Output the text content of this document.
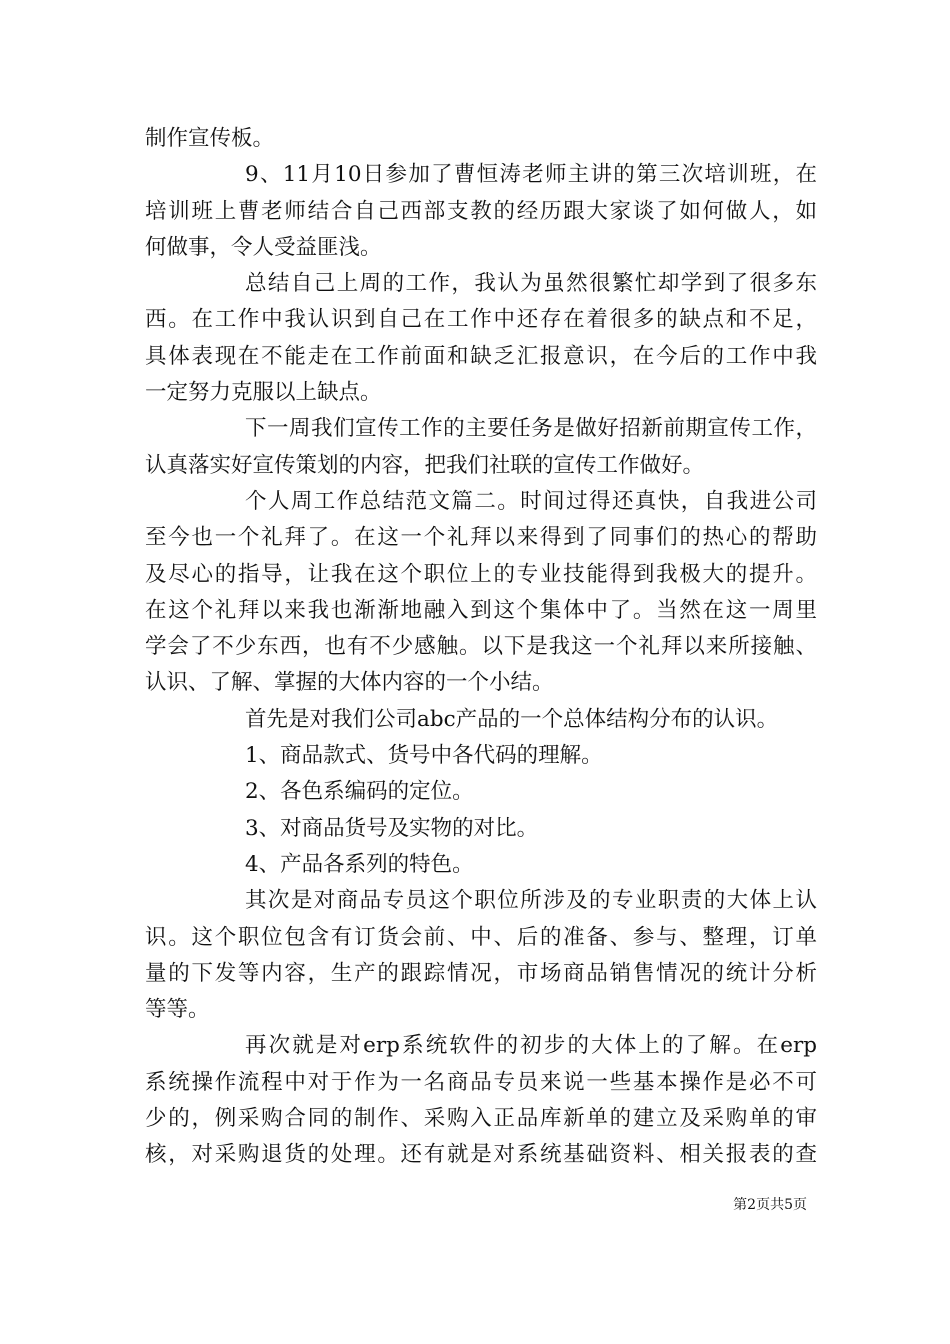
制作宣传板。
9、11月10日参加了曹恒涛老师主讲的第三次培训班，在
培训班上曹老师结合自己西部支教的经历跟大家谈了如何做人，如
何做事，令人受益匪浅。
总结自己上周的工作，我认为虽然很繁忙却学到了很多东
西。在工作中我认识到自己在工作中还存在着很多的缺点和不足，
具体表现在不能走在工作前面和缺乏汇报意识，在今后的工作中我
一定努力克服以上缺点。
下一周我们宣传工作的主要任务是做好招新前期宣传工作，
认真落实好宣传策划的内容，把我们社联的宣传工作做好。
个人周工作总结范文篇二。时间过得还真快，自我进公司
至今也一个礼拜了。在这一个礼拜以来得到了同事们的热心的帮助
及尽心的指导，让我在这个职位上的专业技能得到我极大的提升。
在这个礼拜以来我也渐渐地融入到这个集体中了。当然在这一周里
学会了不少东西，也有不少感触。以下是我这一个礼拜以来所接触、
认识、了解、掌握的大体内容的一个小结。
首先是对我们公司abc产品的一个总体结构分布的认识。
1、商品款式、货号中各代码的理解。
2、各色系编码的定位。
3、对商品货号及实物的对比。
4、产品各系列的特色。
其次是对商品专员这个职位所涉及的专业职责的大体上认
识。这个职位包含有订货会前、中、后的准备、参与、整理，订单
量的下发等内容，生产的跟踪情况，市场商品销售情况的统计分析
等等。
再次就是对erp系统软件的初步的大体上的了解。在erp
系统操作流程中对于作为一名商品专员来说一些基本操作是必不可
少的，例采购合同的制作、采购入正品库新单的建立及采购单的审
核，对采购退货的处理。还有就是对系统基础资料、相关报表的查
第2页共5页
